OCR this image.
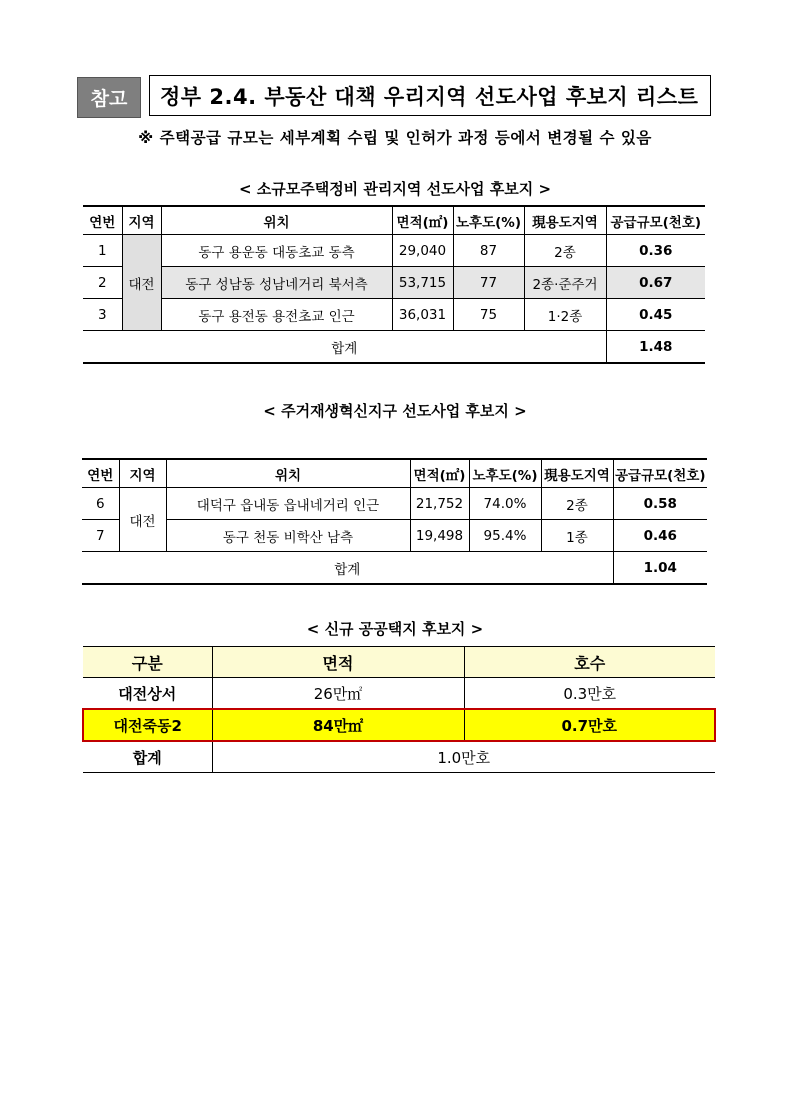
참고	정부 2.4. 부동산 대책 우리지역 선도사업 후보지 리스트
※ 주택공급 규모는 세부계획 수립 및 인허가 과정 등에서 변경될 수 있음
< 소규모주택정비 관리지역 선도사업 후보지 >
연번	지역	위치	면적(㎡)	노후도(%)	現용도지역	공급규모(천호)
1	대전	동구 용운동 대동초교 동측	29,040	87	2종	0.36
2		동구 성남동 성남네거리 북서측	53,715	77	2종·준주거	0.67
3		동구 용전동 용전초교 인근	36,031	75	1·2종	0.45
합계						1.48
< 주거재생혁신지구 선도사업 후보지 >
연번	지역	위치	면적(㎡)	노후도(%)	現용도지역	공급규모(천호)
6	대전	대덕구 읍내동 읍내네거리 인근	21,752	74.0%	2종	0.58
7		동구 천동 비학산 남측	19,498	95.4%	1종	0.46
합계						1.04
< 신규 공공택지 후보지 >
구분	면적	호수
대전상서	26만㎡	0.3만호
대전죽동2	84만㎡	0.7만호
합계	1.0만호	
